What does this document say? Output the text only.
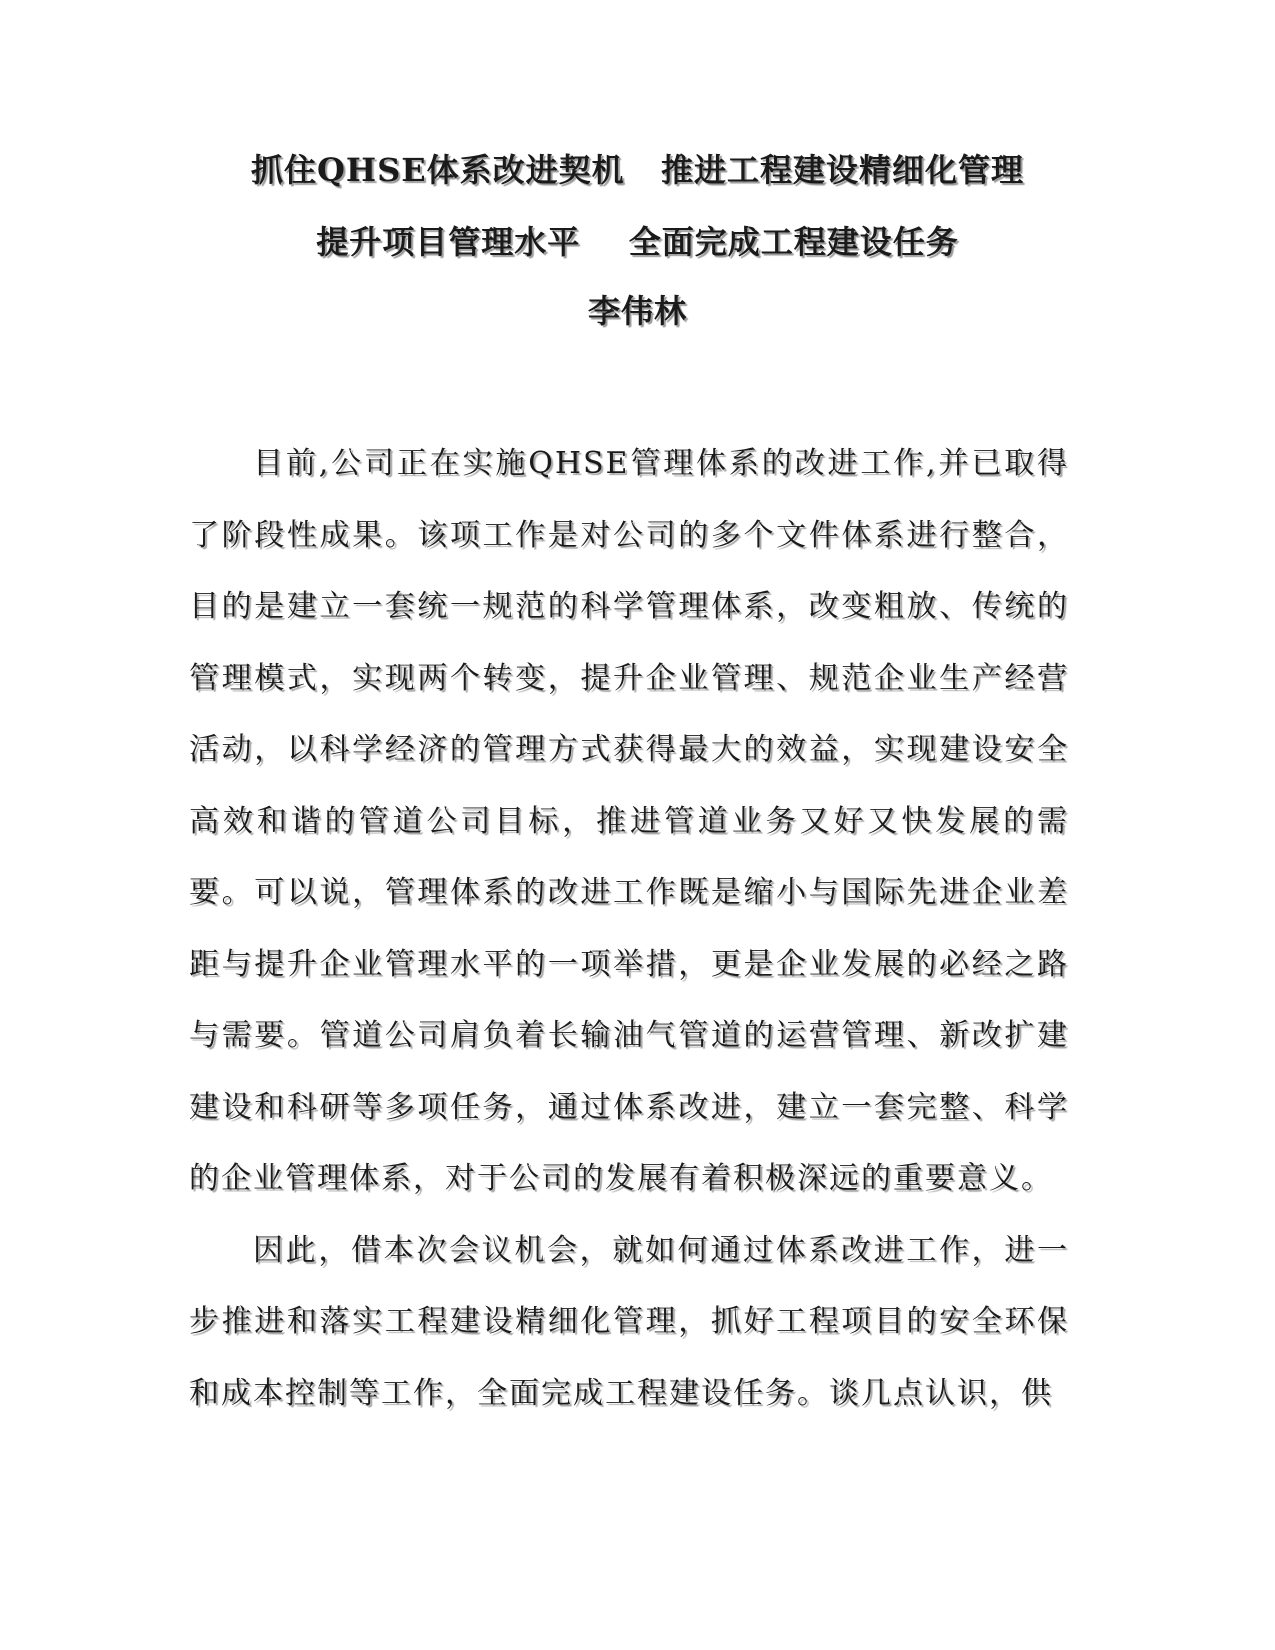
抓住QHSE体系改进契机   推进工程建设精细化管理
提升项目管理水平    全面完成工程建设任务
李伟林

目前,公司正在实施QHSE管理体系的改进工作,并已取得了阶段性成果。该项工作是对公司的多个文件体系进行整合，目的是建立一套统一规范的科学管理体系，改变粗放、传统的管理模式，实现两个转变，提升企业管理、规范企业生产经营活动，以科学经济的管理方式获得最大的效益，实现建设安全高效和谐的管道公司目标，推进管道业务又好又快发展的需要。可以说，管理体系的改进工作既是缩小与国际先进企业差距与提升企业管理水平的一项举措，更是企业发展的必经之路与需要。管道公司肩负着长输油气管道的运营管理、新改扩建建设和科研等多项任务，通过体系改进，建立一套完整、科学的企业管理体系，对于公司的发展有着积极深远的重要意义。

因此，借本次会议机会，就如何通过体系改进工作，进一步推进和落实工程建设精细化管理，抓好工程项目的安全环保和成本控制等工作，全面完成工程建设任务。谈几点认识，供
